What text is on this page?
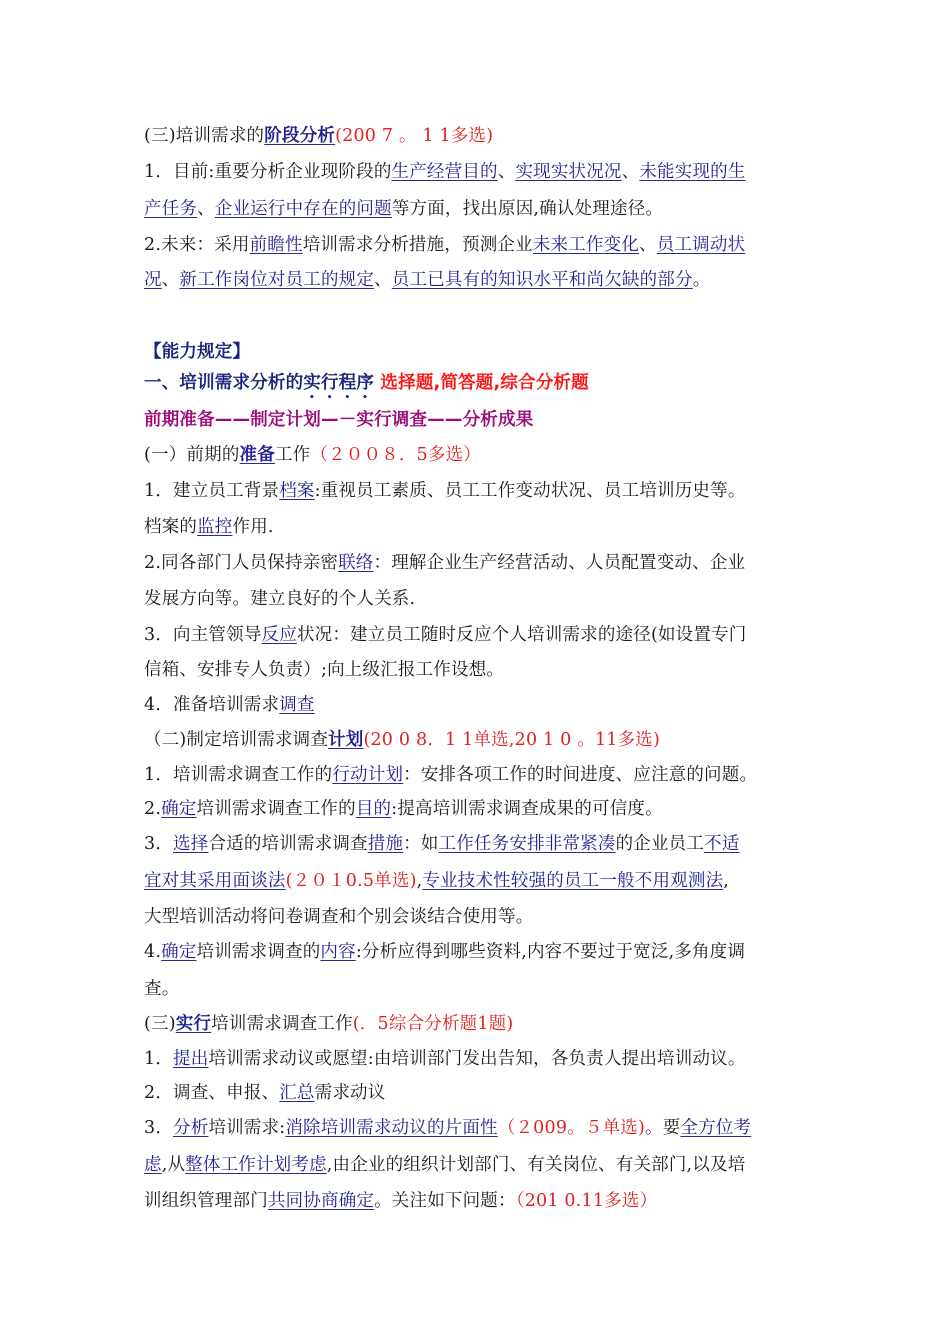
(三)培训需求的阶段分析(200 7 。 1 1多选)
1．目前:重要分析企业现阶段的生产经营目的、实现实状况况、未能实现的生
产任务、企业运行中存在的问题等方面，找出原因,确认处理途径。
2.未来：采用前瞻性培训需求分析措施，预测企业未来工作变化、员工调动状
况、新工作岗位对员工的规定、员工已具有的知识水平和尚欠缺的部分。
【能力规定】
一、培训需求分析的实行程序 选择题,简答题,综合分析题
前期准备——制定计划—－实行调查——分析成果
(一）前期的准备工作（２００８．5多选）
1．建立员工背景档案:重视员工素质、员工工作变动状况、员工培训历史等。
档案的监控作用.
2.同各部门人员保持亲密联络：理解企业生产经营活动、人员配置变动、企业
发展方向等。建立良好的个人关系.
3．向主管领导反应状况：建立员工随时反应个人培训需求的途径(如设置专门
信箱、安排专人负责）;向上级汇报工作设想。
4．准备培训需求调查
（二)制定培训需求调查计划(20 0 8．1 1单选,20 1 0 。11多选)
1．培训需求调查工作的行动计划：安排各项工作的时间进度、应注意的问题。
2.确定培训需求调查工作的目的:提高培训需求调查成果的可信度。
3．选择合适的培训需求调查措施：如工作任务安排非常紧凑的企业员工不适
宜对其采用面谈法(２０１0.5单选),专业技术性较强的员工一般不用观测法,
大型培训活动将问卷调查和个别会谈结合使用等。
4.确定培训需求调查的内容:分析应得到哪些资料,内容不要过于宽泛,多角度调
查。
(三)实行培训需求调查工作(．5综合分析题1题)
1．提出培训需求动议或愿望:由培训部门发出告知，各负责人提出培训动议。
2．调查、申报、汇总需求动议
3．分析培训需求:消除培训需求动议的片面性（２009。５单选)。要全方位考
虑,从整体工作计划考虑,由企业的组织计划部门、有关岗位、有关部门,以及培
训组织管理部门共同协商确定。关注如下问题：（201 0.11多选）
